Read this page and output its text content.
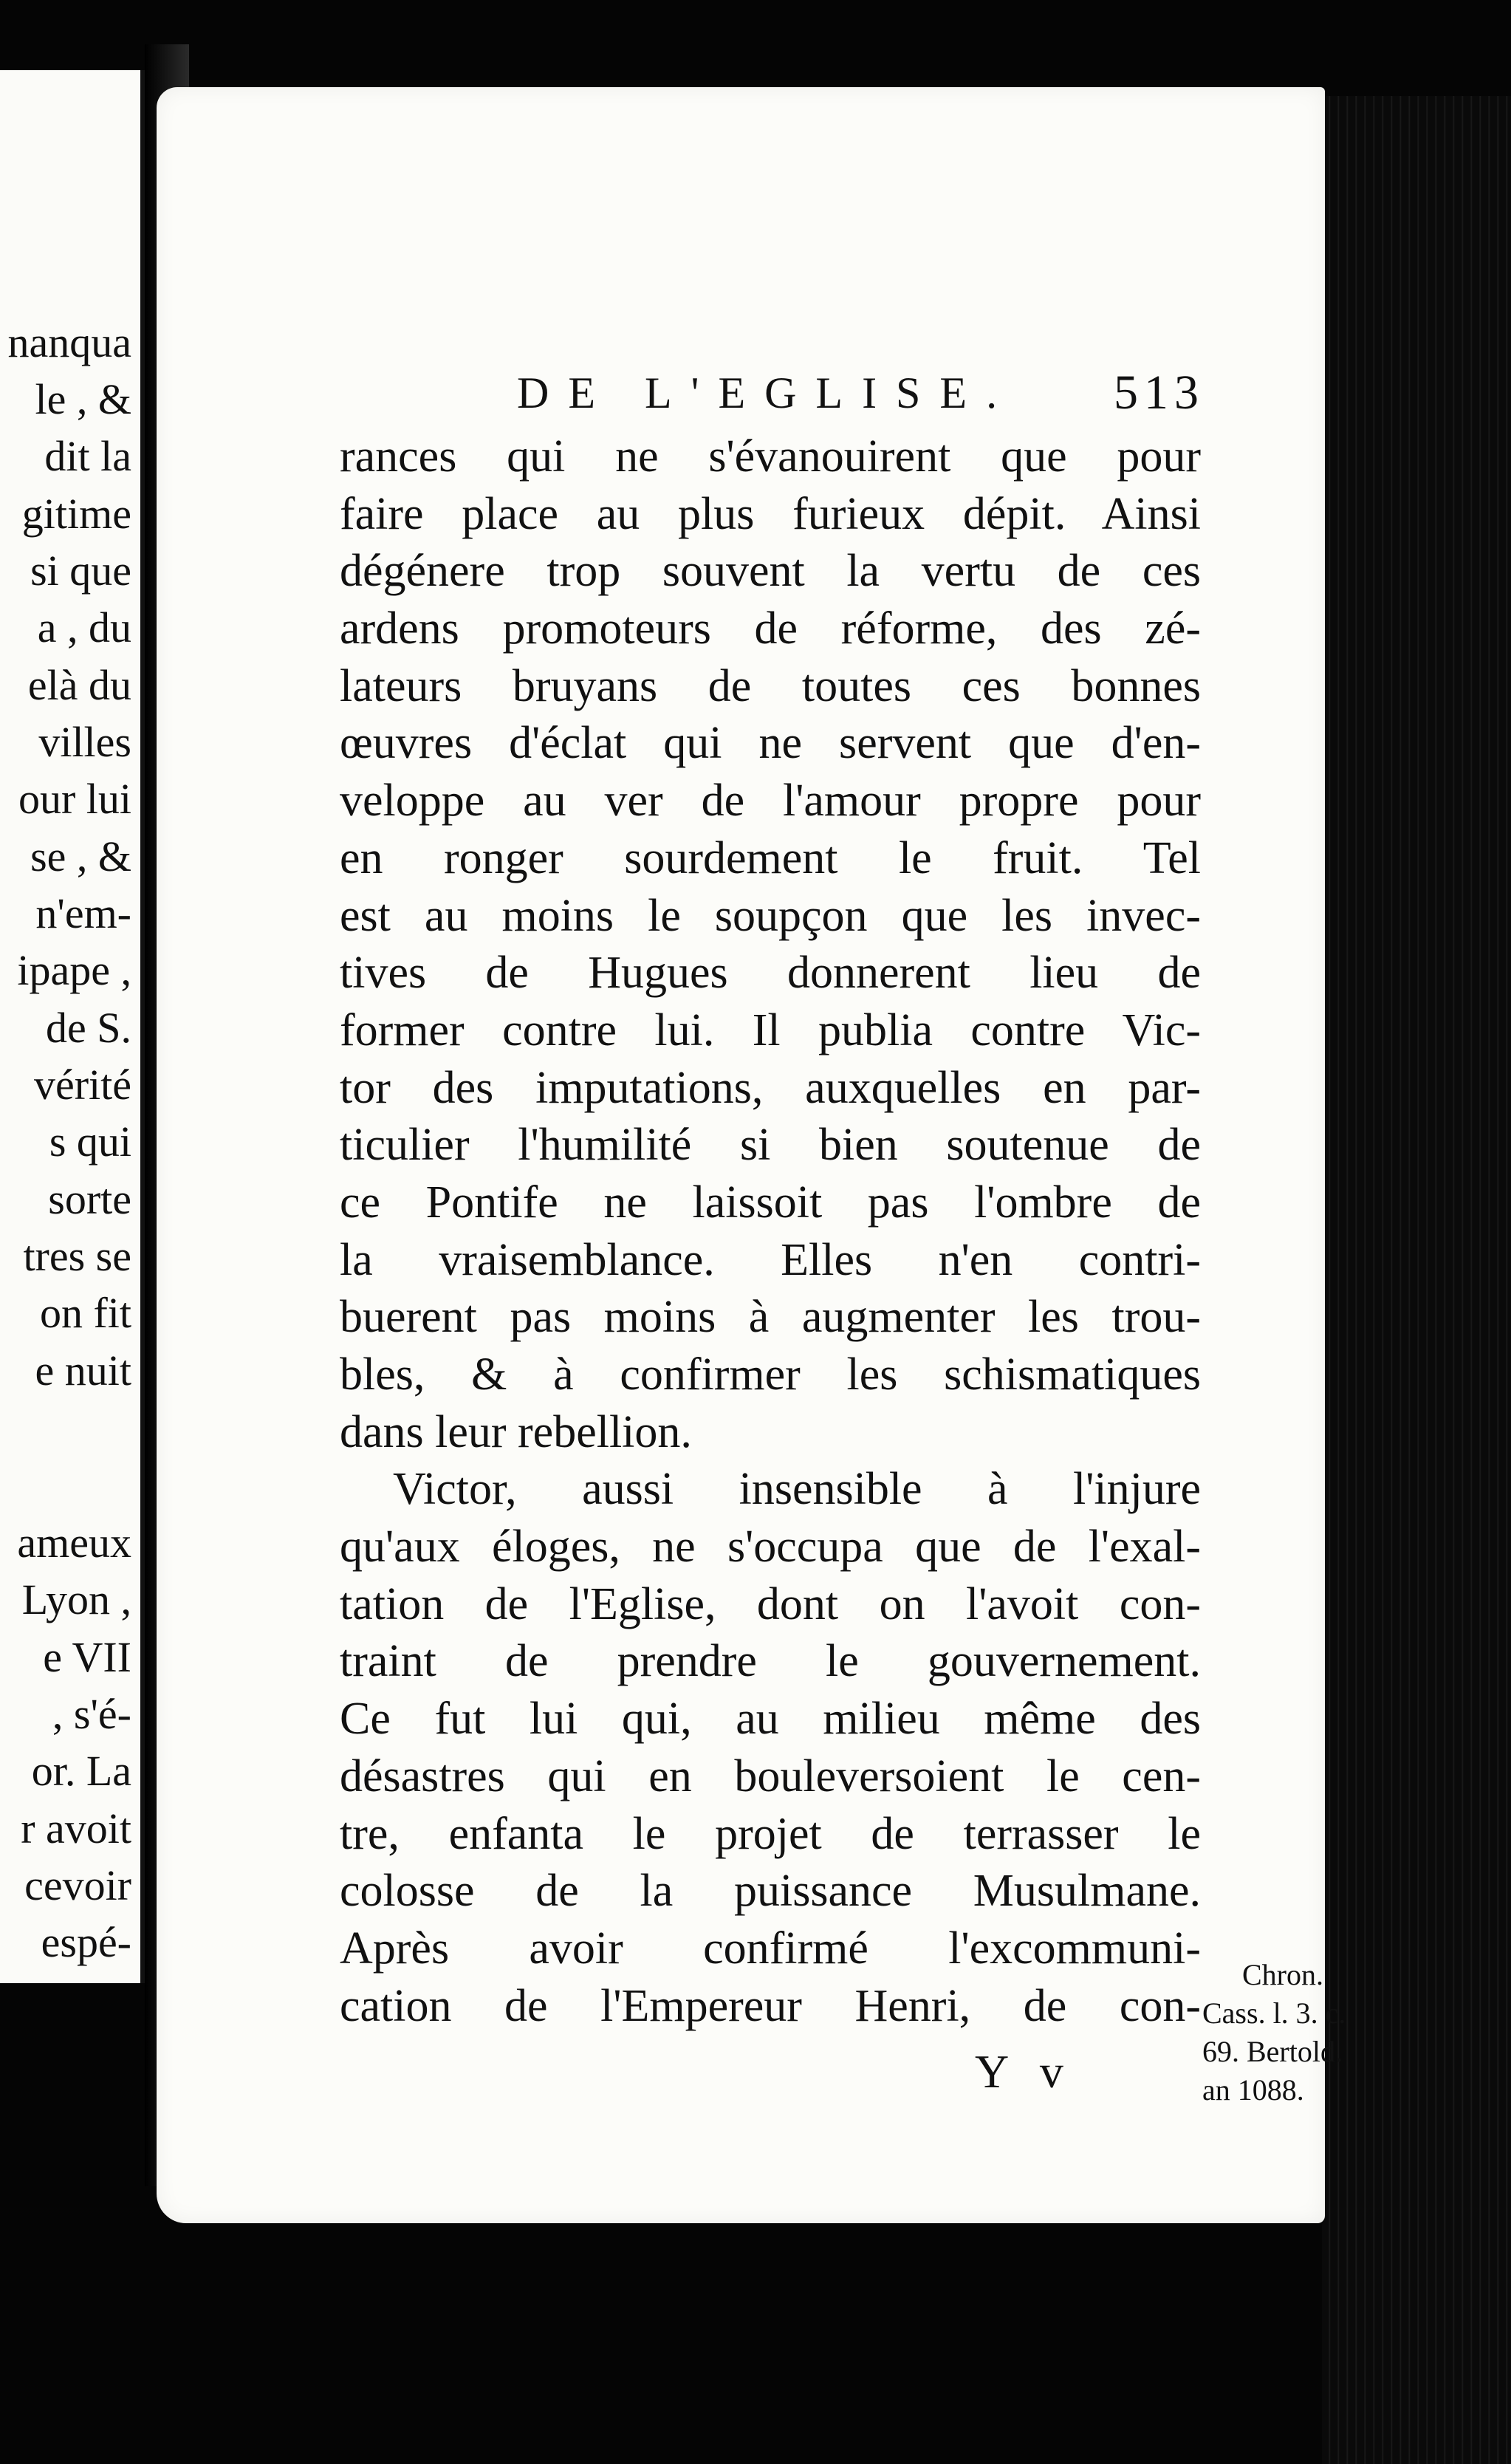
nanqua
le , &
dit la
gitime
si que
a , du
elà du
villes
our lui
se , &
n'em-
ipape ,
de S.
vérité
s qui
sorte
tres se
on fit
e nuit
ameux
Lyon ,
e VII
, s'é-
or. La
r avoit
cevoir
espé-
DE L'EGLISE. 513
rances qui ne s'évanouirent que pour
faire place au plus furieux dépit. Ainsi
dégénere trop souvent la vertu de ces
ardens promoteurs de réforme, des zé-
lateurs bruyans de toutes ces bonnes
œuvres d'éclat qui ne servent que d'en-
veloppe au ver de l'amour propre pour
en ronger sourdement le fruit. Tel
est au moins le soupçon que les invec-
tives de Hugues donnerent lieu de
former contre lui. Il publia contre Vic-
tor des imputations, auxquelles en par-
ticulier l'humilité si bien soutenue de
ce Pontife ne laissoit pas l'ombre de
la vraisemblance. Elles n'en contri-
buerent pas moins à augmenter les trou-
bles, & à confirmer les schismatiques
dans leur rebellion.
Victor, aussi insensible à l'injure
qu'aux éloges, ne s'occupa que de l'exal-
tation de l'Eglise, dont on l'avoit con-
traint de prendre le gouvernement.
Ce fut lui qui, au milieu même des
désastres qui en bouleversoient le cen-
tre, enfanta le projet de terrasser le
colosse de la puissance Musulmane.
Après avoir confirmé l'excommuni-
cation de l'Empereur Henri, de con-
Chron.
Cass. l. 3. c.
69. Bertold.
an 1088.
Y v
